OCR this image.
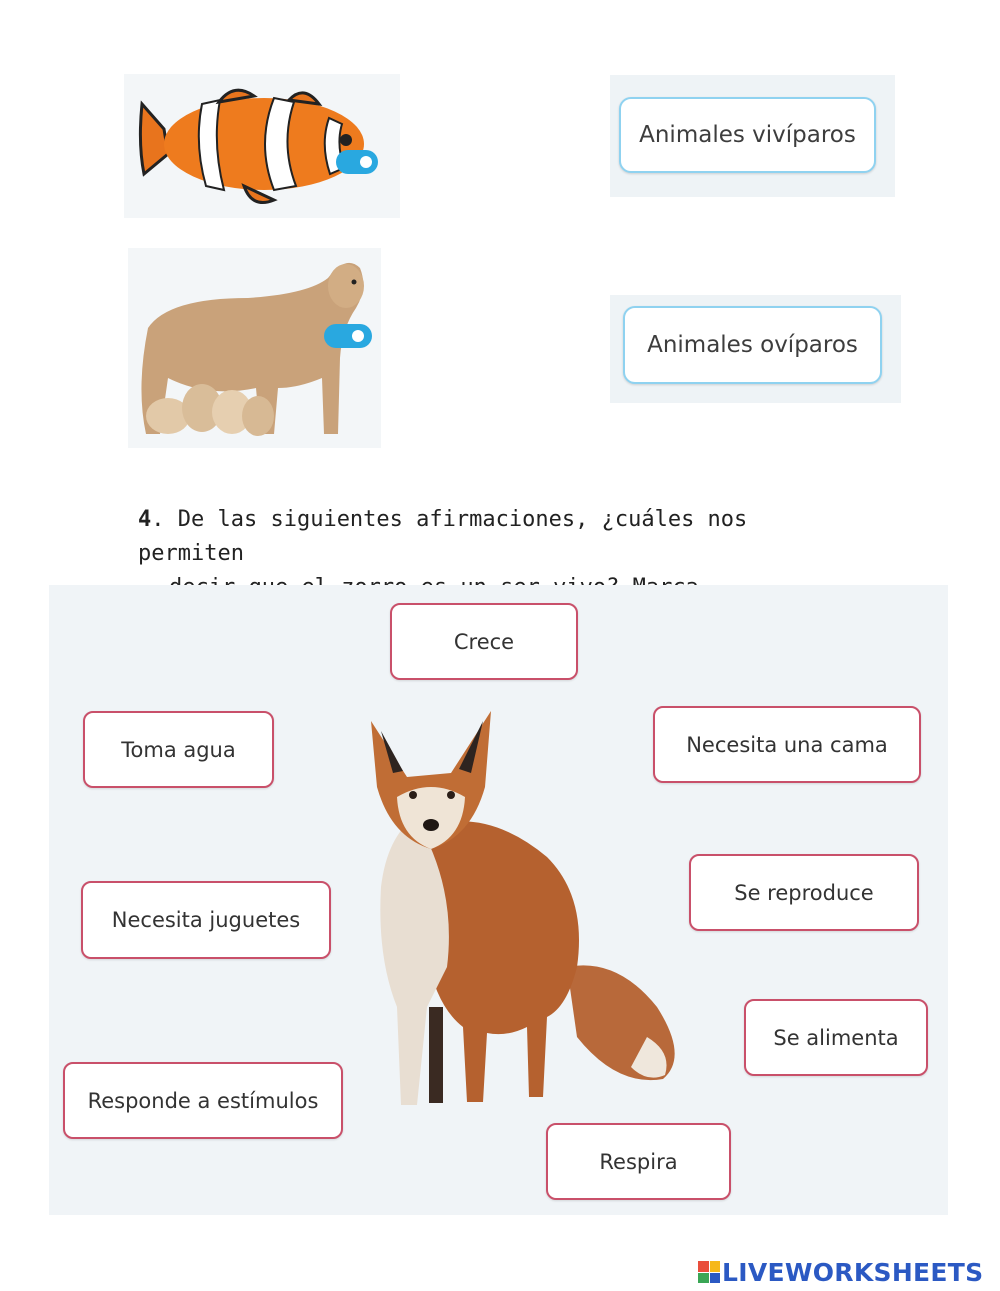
Animales vivíparos
Animales ovíparos
4. De las siguientes afirmaciones, ¿cuáles nos permiten
Crece
Toma agua	Necesita una cama
Se reproduce
Necesita juguetes
Se alimenta
Responde a estímulos
Respira
LIVEWORKSHEETS
